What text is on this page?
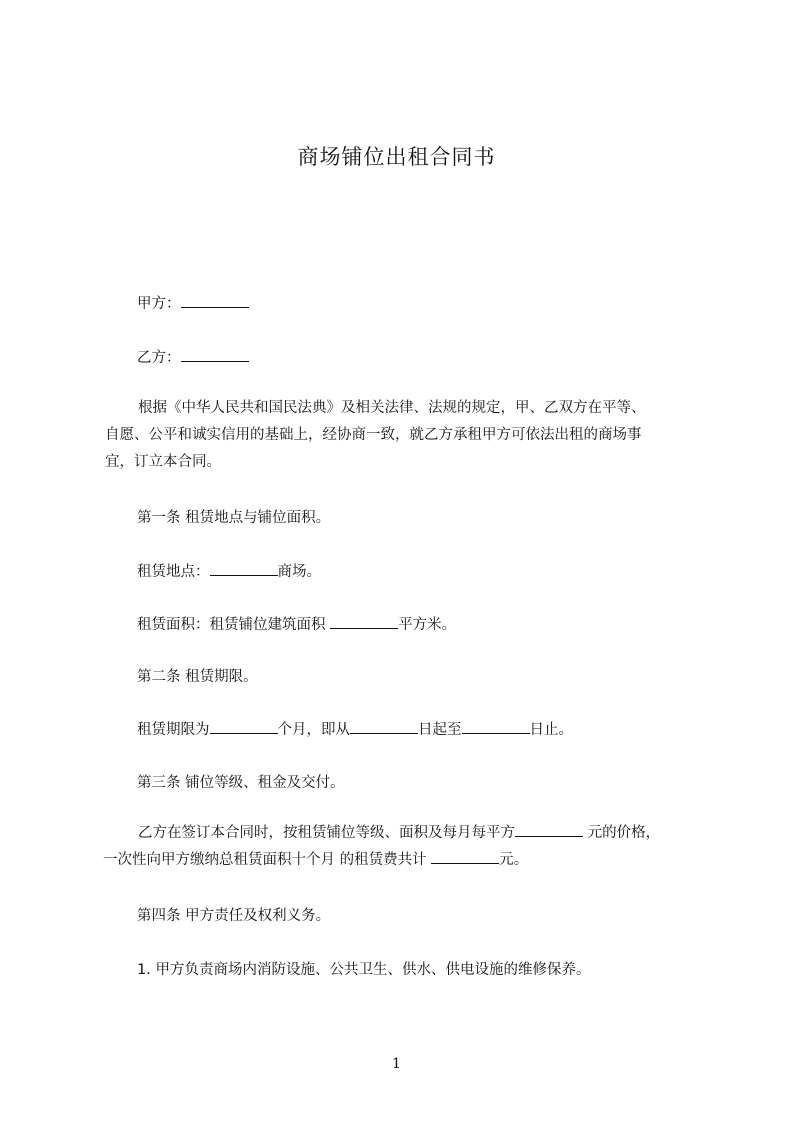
商场铺位出租合同书
甲方：
乙方：
根据《中华人民共和国民法典》及相关法律、法规的规定，甲、乙双方在平等、
自愿、公平和诚实信用的基础上，经协商一致，就乙方承租甲方可依法出租的商场事
宜，订立本合同。
第一条 租赁地点与铺位面积。
租赁地点：	商场。
租赁面积：租赁铺位建筑面积	平方米。
第二条 租赁期限。
租赁期限为	个月，即从	日起至	日止。
第三条 铺位等级、租金及交付。
乙方在签订本合同时，按租赁铺位等级、面积及每月每平方	元的价格，
一次性向甲方缴纳总租赁面积十个月 的租赁费共计	元。
第四条 甲方责任及权利义务。
1. 甲方负责商场内消防设施、公共卫生、供水、供电设施的维修保养。
1
